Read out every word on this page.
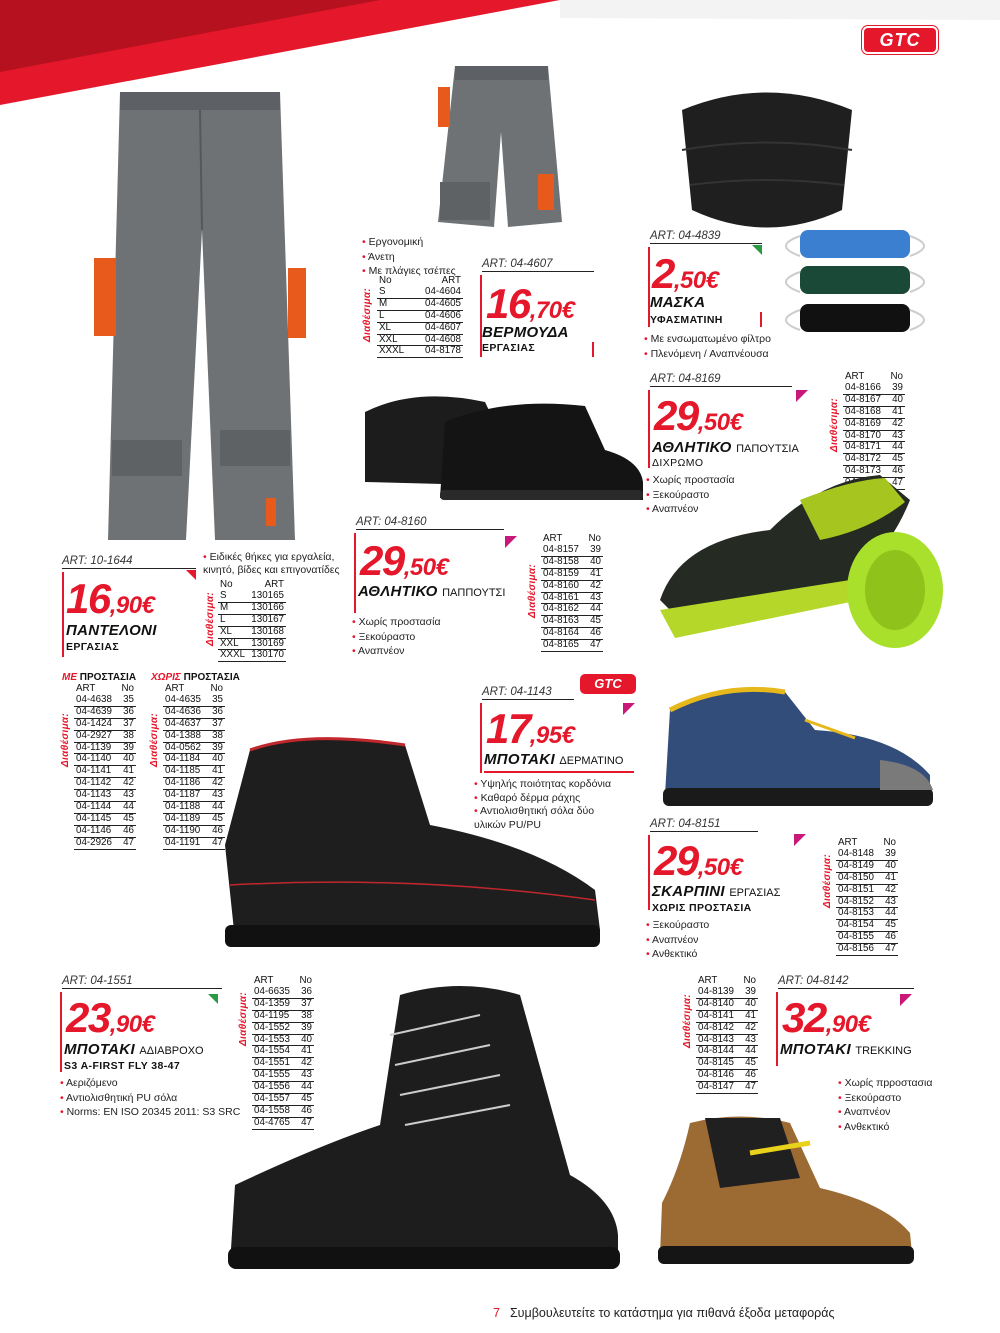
GTC
ART: 10-1644
16,90€
ΠΑΝΤΕΛΟΝΙ
ΕΡΓΑΣΙΑΣ
• Ειδικές θήκες για εργαλεία, κινητό, βίδες και επιγονατίδες
Διαθέσιμα:
No	ART
S	130165
M	130166
L	130167
XL	130168
XXL	130169
XXXL	130170
• Εργονομική
• Άνετη
• Με πλάγιες τσέπες
Διαθέσιμα:
No	ART
S	04-4604
M	04-4605
L	04-4606
XL	04-4607
XXL	04-4608
XXXL	04-8178
ART: 04-4607
16,70€
ΒΕΡΜΟΥΔΑ
ΕΡΓΑΣΙΑΣ
ART: 04-4839
2,50€
ΜΑΣΚΑ
ΥΦΑΣΜΑΤΙΝΗ
• Με ενσωματωμένο φίλτρο
• Πλενόμενη / Αναπνέουσα
ART: 04-8160
29,50€
ΑΘΛΗΤΙΚΟ ΠΑΠΠΟΥΤΣΙ
• Χωρίς προστασία
• Ξεκούραστο
• Αναπνέον
Διαθέσιμα:
ART	No
04-8157	39
04-8158	40
04-8159	41
04-8160	42
04-8161	43
04-8162	44
04-8163	45
04-8164	46
04-8165	47
ART: 04-8169
29,50€
ΑΘΛΗΤΙΚΟ ΠΑΠΟΥΤΣΙΑ
ΔΙΧΡΩΜΟ
• Χωρίς προστασία
• Ξεκούραστο
• Αναπνέον
Διαθέσιμα:
ART	No
04-8166	39
04-8167	40
04-8168	41
04-8169	42
04-8170	43
04-8171	44
04-8172	45
04-8173	46
	47
ΜΕ ΠΡΟΣΤΑΣΙΑ
Διαθέσιμα:
ART	No
04-4638	35
04-4639	36
04-1424	37
04-2927	38
04-1139	39
04-1140	40
04-1141	41
04-1142	42
04-1143	43
04-1144	44
04-1145	45
04-1146	46
04-2926	47
ΧΩΡΙΣ ΠΡΟΣΤΑΣΙΑ
Διαθέσιμα:
ART	No
04-4635	35
04-4636	36
04-4637	37
04-1388	38
04-0562	39
04-1184	40
04-1185	41
04-1186	42
04-1187	43
04-1188	44
04-1189	45
04-1190	46
04-1191	47
GTC
ART: 04-1143
17,95€
ΜΠΟΤΑΚΙ ΔΕΡΜΑΤΙΝΟ
• Υψηλής ποιότητας κορδόνια
• Καθαρό δέρμα ράχης
• Αντιολισθητική σόλα δύο υλικών PU/PU	ART: 04-8151
29,50€
ΣΚΑΡΠΙΝΙ ΕΡΓΑΣΙΑΣ
ΧΩΡΙΣ ΠΡΟΣΤΑΣΙΑ
• Ξεκούραστο
• Αναπνέον
• Ανθεκτικό
Διαθέσιμα:
ART	No
04-8148	39
04-8149	40
04-8150	41
04-8151	42
04-8152	43
04-8153	44
04-8154	45
04-8155	46
04-8156	47
ART: 04-1551
23,90€
ΜΠΟΤΑΚΙ ΑΔΙΑΒΡΟΧΟ
S3 A-FIRST FLY 38-47
• Αεριζόμενο
• Αντιολισθητική PU σόλα
• Norms: EN ISO 20345 2011: S3 SRC
Διαθέσιμα:
ART	No
04-6635	36
04-1359	37
04-1195	38
04-1552	39
04-1553	40
04-1554	41
04-1551	42
04-1555	43
04-1556	44
04-1557	45
04-1558	46
04-4765	47
Διαθέσιμα:
ART	No
04-8139	39
04-8140	40
04-8141	41
04-8142	42
04-8143	43
04-8144	44
04-8145	45
04-8146	46
04-8147	47
ART: 04-8142
32,90€
ΜΠΟΤΑΚΙ TREKKING
• Χωρίς πpροστασια
• Ξεκούραστο
• Αναπνέον
• Ανθεκτικό
7 Συμβουλευτείτε το κατάστημα για πιθανά έξοδα μεταφοράς
